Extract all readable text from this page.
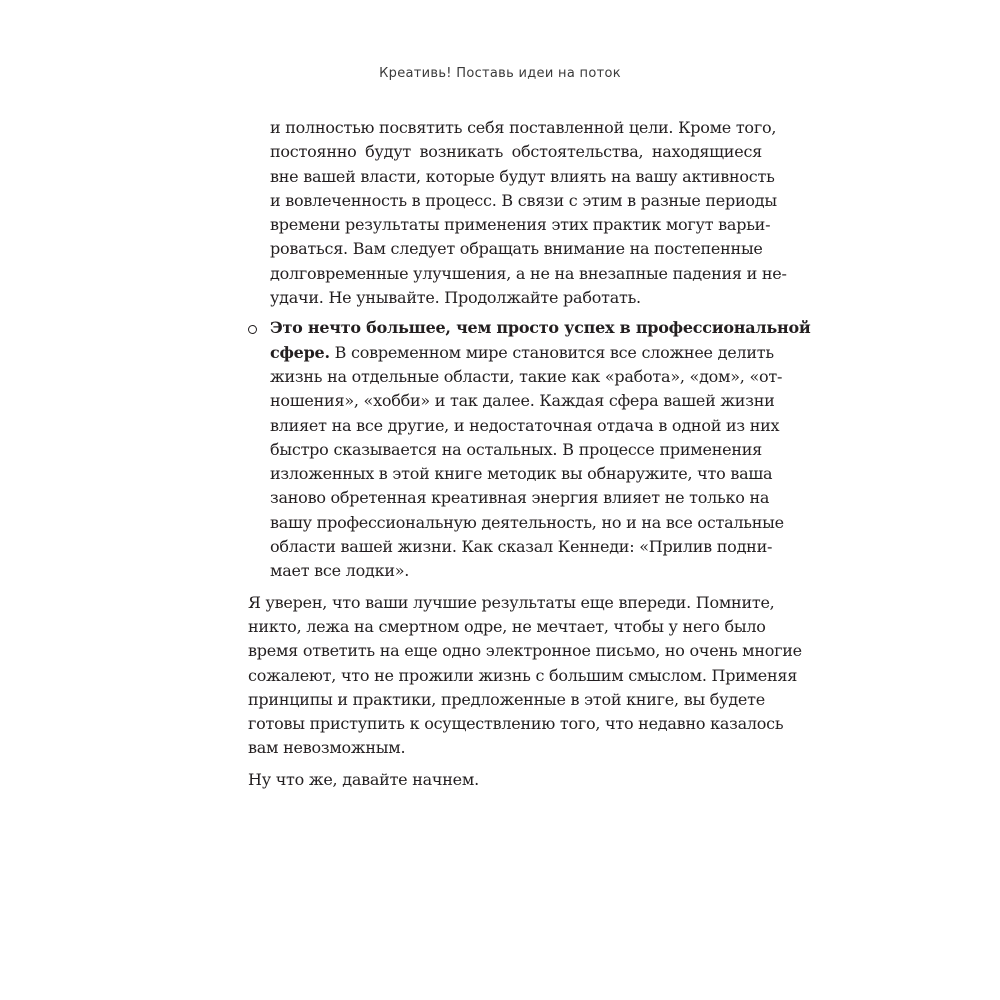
Креативь! Поставь идеи на поток
и полностью посвятить себя поставленной цели. Кроме того,
постоянно будут возникать обстоятельства, находящиеся
вне вашей власти, которые будут влиять на вашу активность
и вовлеченность в процесс. В связи с этим в разные периоды
времени результаты применения этих практик могут варьи-
роваться. Вам следует обращать внимание на постепенные
долговременные улучшения, а не на внезапные падения и не-
удачи. Не унывайте. Продолжайте работать.
Это нечто большее, чем просто успех в профессиональной
сфере. В современном мире становится все сложнее делить
жизнь на отдельные области, такие как «работа», «дом», «от-
ношения», «хобби» и так далее. Каждая сфера вашей жизни
влияет на все другие, и недостаточная отдача в одной из них
быстро сказывается на остальных. В процессе применения
изложенных в этой книге методик вы обнаружите, что ваша
заново обретенная креативная энергия влияет не только на
вашу профессиональную деятельность, но и на все остальные
области вашей жизни. Как сказал Кеннеди: «Прилив подни-
мает все лодки».
Я уверен, что ваши лучшие результаты еще впереди. Помните,
никто, лежа на смертном одре, не мечтает, чтобы у него было
время ответить на еще одно электронное письмо, но очень многие
сожалеют, что не прожили жизнь с большим смыслом. Применяя
принципы и практики, предложенные в этой книге, вы будете
готовы приступить к осуществлению того, что недавно казалось
вам невозможным.
Ну что же, давайте начнем.
